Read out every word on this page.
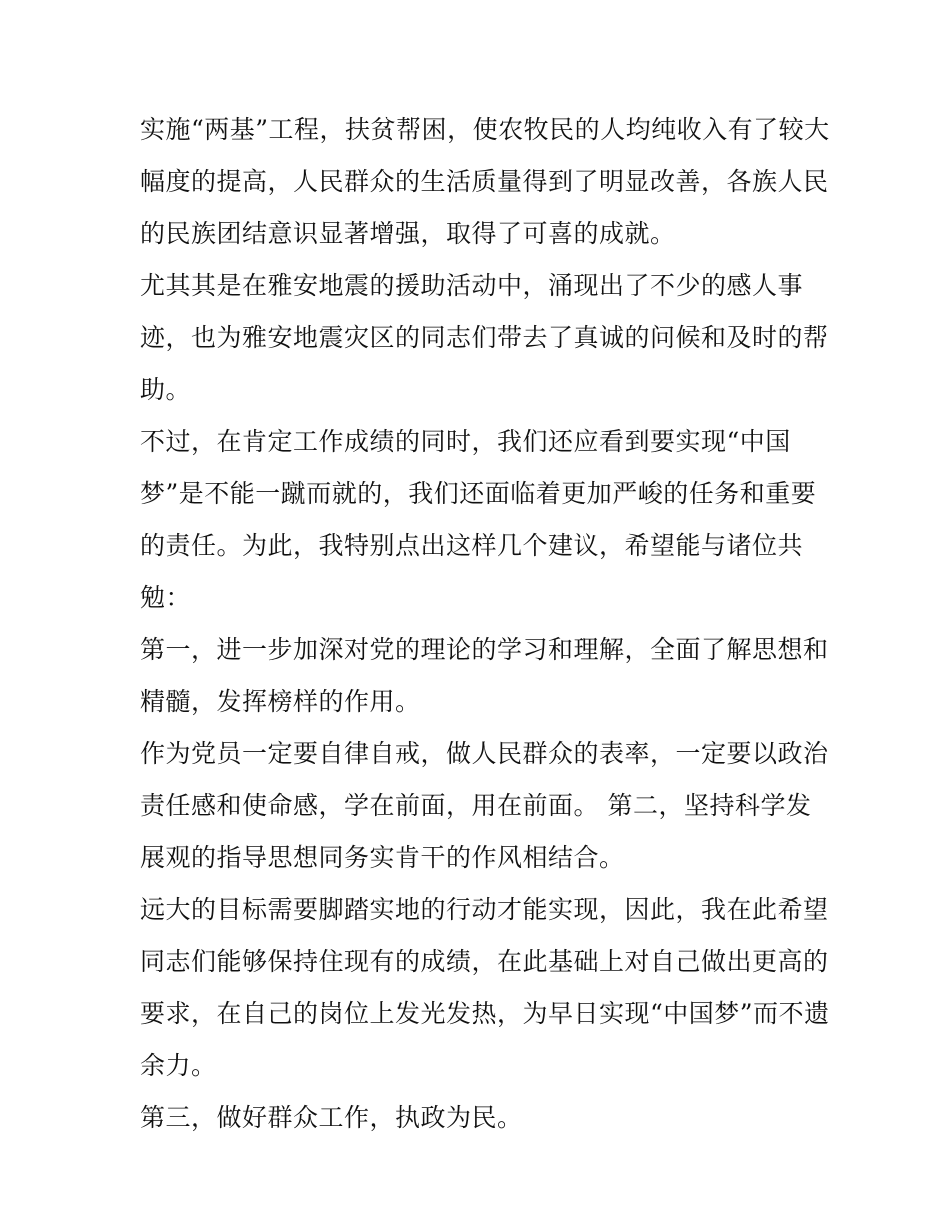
实施“两基”工程，扶贫帮困，使农牧民的人均纯收入有了较大
幅度的提高，人民群众的生活质量得到了明显改善，各族人民
的民族团结意识显著增强，取得了可喜的成就。
尤其其是在雅安地震的援助活动中，涌现出了不少的感人事
迹，也为雅安地震灾区的同志们带去了真诚的问候和及时的帮
助。
不过，在肯定工作成绩的同时，我们还应看到要实现“中国
梦”是不能一蹴而就的，我们还面临着更加严峻的任务和重要
的责任。为此，我特别点出这样几个建议，希望能与诸位共
勉：
第一，进一步加深对党的理论的学习和理解，全面了解思想和
精髓，发挥榜样的作用。
作为党员一定要自律自戒，做人民群众的表率，一定要以政治
责任感和使命感，学在前面，用在前面。 第二，坚持科学发
展观的指导思想同务实肯干的作风相结合。
远大的目标需要脚踏实地的行动才能实现，因此，我在此希望
同志们能够保持住现有的成绩，在此基础上对自己做出更高的
要求，在自己的岗位上发光发热，为早日实现“中国梦”而不遗
余力。
第三，做好群众工作，执政为民。
